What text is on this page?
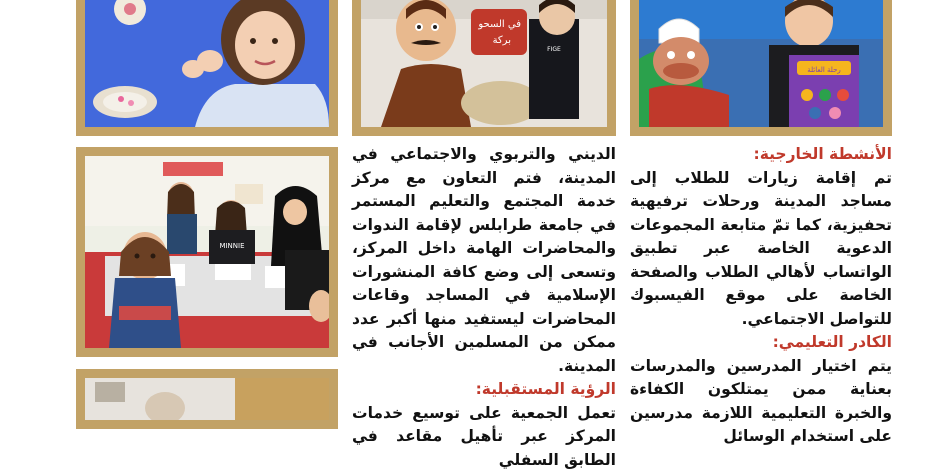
في السحو
بركة
FIGE
رحلة العائلة
MINNIE

الأنشطة الخارجية:

تم إقامة زيارات للطلاب إلى مساجد المدينة ورحلات ترفيهية تحفيزية، كما تمّ متابعة المجموعات الدعوية الخاصة عبر تطبيق الواتساب لأهالي الطلاب والصفحة الخاصة على موقع الفيسبوك للتواصل الاجتماعي.

الكادر التعليمي:

يتم اختيار المدرسين والمدرسات بعناية ممن يمتلكون الكفاءة والخبرة التعليمية اللازمة مدرسين على استخدام الوسائل

الديني والتربوي والاجتماعي في المدينة، فتم التعاون مع مركز خدمة المجتمع والتعليم المستمر في جامعة طرابلس لإقامة الندوات والمحاضرات الهامة داخل المركز، وتسعى إلى وضع كافة المنشورات الإسلامية في المساجد وقاعات المحاضرات ليستفيد منها أكبر عدد ممكن من المسلمين الأجانب في المدينة.

الرؤية المستقبلية:

تعمل الجمعية على توسيع خدمات المركز عبر تأهيل مقاعد في الطابق السفلي
